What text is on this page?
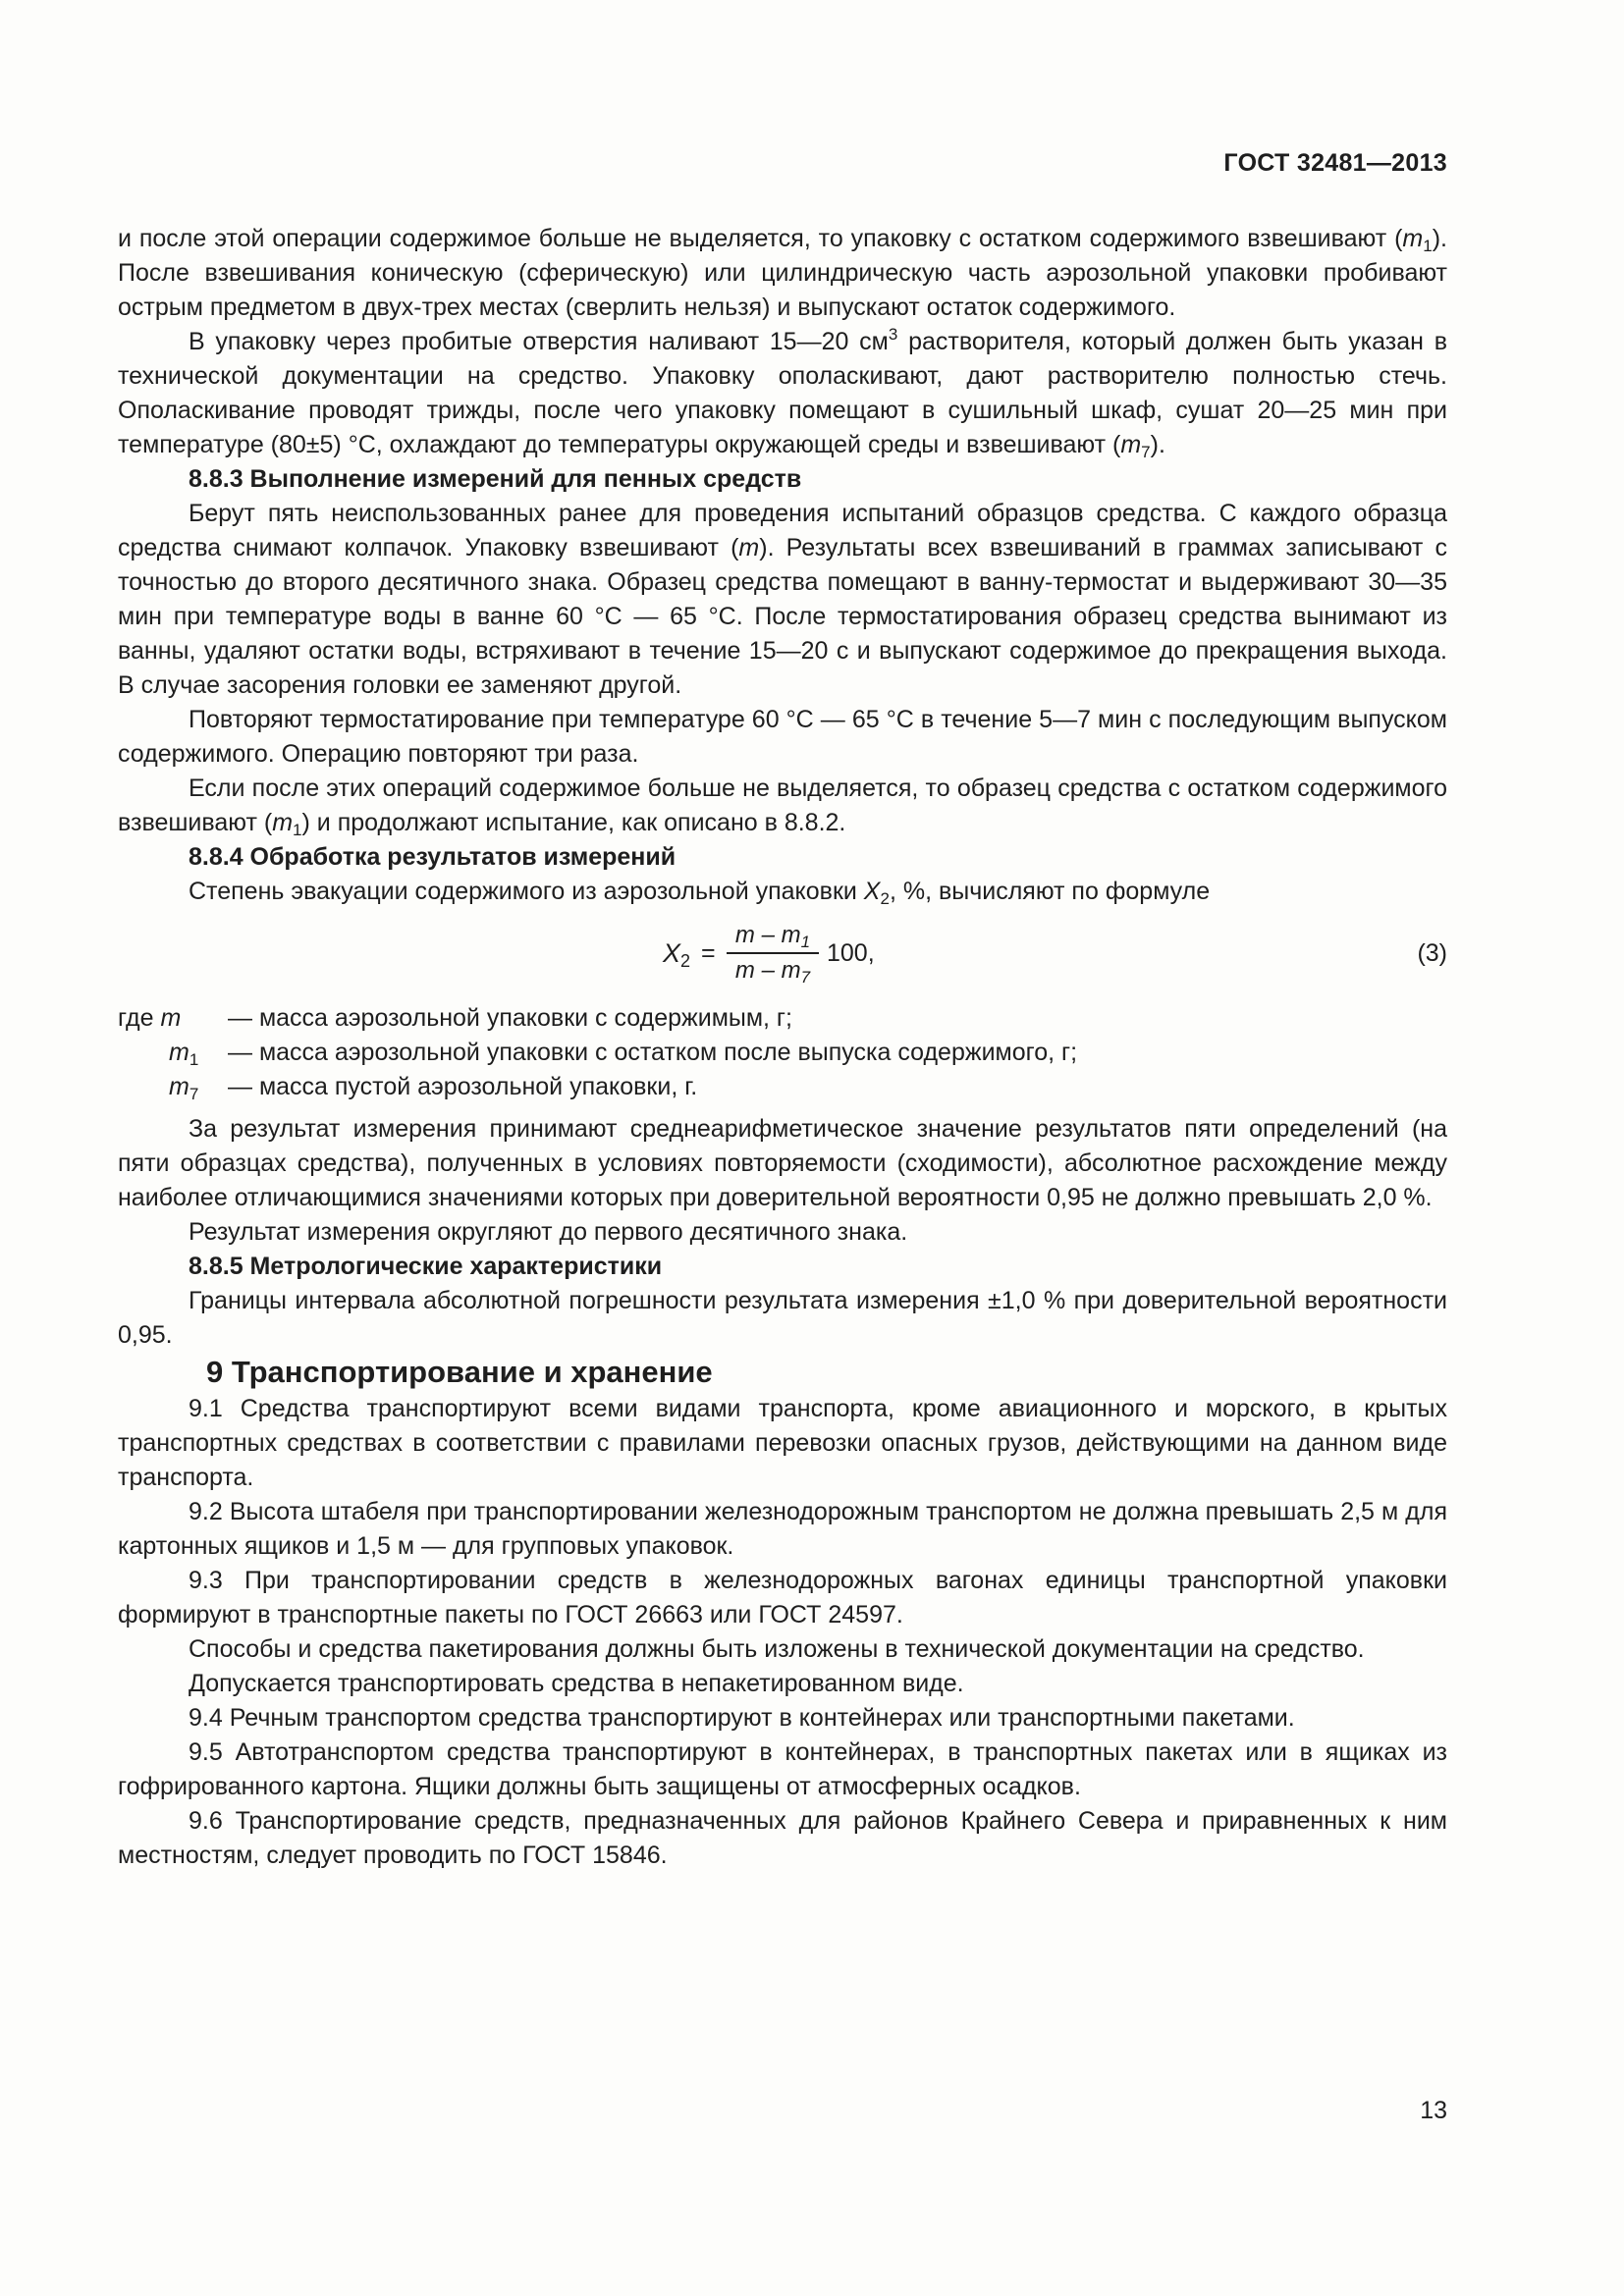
ГОСТ 32481—2013

и после этой операции содержимое больше не выделяется, то упаковку с остатком содержимого взвешивают $(m_1)$. После взвешивания коническую (сферическую) или цилиндрическую часть аэрозольной упаковки пробивают острым предметом в двух-трех местах (сверлить нельзя) и выпускают остаток содержимого.

В упаковку через пробитые отверстия наливают 15—20 $см^3$ растворителя, который должен быть указан в технической документации на средство. Упаковку ополаскивают, дают растворителю полностью стечь. Ополаскивание проводят трижды, после чего упаковку помещают в сушильный шкаф, сушат 20—25 мин при температуре (80±5) °С, охлаждают до температуры окружающей среды и взвешивают $(m_7)$.

8.8.3 Выполнение измерений для пенных средств

Берут пять неиспользованных ранее для проведения испытаний образцов средства. С каждого образца средства снимают колпачок. Упаковку взвешивают (m). Результаты всех взвешиваний в граммах записывают с точностью до второго десятичного знака. Образец средства помещают в ванну-термостат и выдерживают 30—35 мин при температуре воды в ванне 60 °С — 65 °С. После термостатирования образец средства вынимают из ванны, удаляют остатки воды, встряхивают в течение 15—20 с и выпускают содержимое до прекращения выхода. В случае засорения головки ее заменяют другой.

Повторяют термостатирование при температуре 60 °С — 65 °С в течение 5—7 мин с последующим выпуском содержимого. Операцию повторяют три раза.

Если после этих операций содержимое больше не выделяется, то образец средства с остатком содержимого взвешивают $(m_1)$ и продолжают испытание, как описано в 8.8.2.

8.8.4 Обработка результатов измерений

Степень эвакуации содержимого из аэрозольной упаковки $X_2$, %, вычисляют по формуле

$X_2$ =
m – $m_1$
m – $m_7$
100,	(3)
где m	— масса аэрозольной упаковки с содержимым, г;
$m_1$	— масса аэрозольной упаковки с остатком после выпуска содержимого, г;
$m_7$	— масса пустой аэрозольной упаковки, г.

За результат измерения принимают среднеарифметическое значение результатов пяти определений (на пяти образцах средства), полученных в условиях повторяемости (сходимости), абсолютное расхождение между наиболее отличающимися значениями которых при доверительной вероятности 0,95 не должно превышать 2,0 %.

Результат измерения округляют до первого десятичного знака.

8.8.5 Метрологические характеристики

Границы интервала абсолютной погрешности результата измерения ±1,0 % при доверительной вероятности 0,95.

9 Транспортирование и хранение

9.1 Средства транспортируют всеми видами транспорта, кроме авиационного и морского, в крытых транспортных средствах в соответствии с правилами перевозки опасных грузов, действующими на данном виде транспорта.

9.2 Высота штабеля при транспортировании железнодорожным транспортом не должна превышать 2,5 м для картонных ящиков и 1,5 м — для групповых упаковок.

9.3 При транспортировании средств в железнодорожных вагонах единицы транспортной упаковки формируют в транспортные пакеты по ГОСТ 26663 или ГОСТ 24597.

Способы и средства пакетирования должны быть изложены в технической документации на средство.

Допускается транспортировать средства в непакетированном виде.

9.4 Речным транспортом средства транспортируют в контейнерах или транспортными пакетами.

9.5 Автотранспортом средства транспортируют в контейнерах, в транспортных пакетах или в ящиках из гофрированного картона. Ящики должны быть защищены от атмосферных осадков.

9.6 Транспортирование средств, предназначенных для районов Крайнего Севера и приравненных к ним местностям, следует проводить по ГОСТ 15846.

13
